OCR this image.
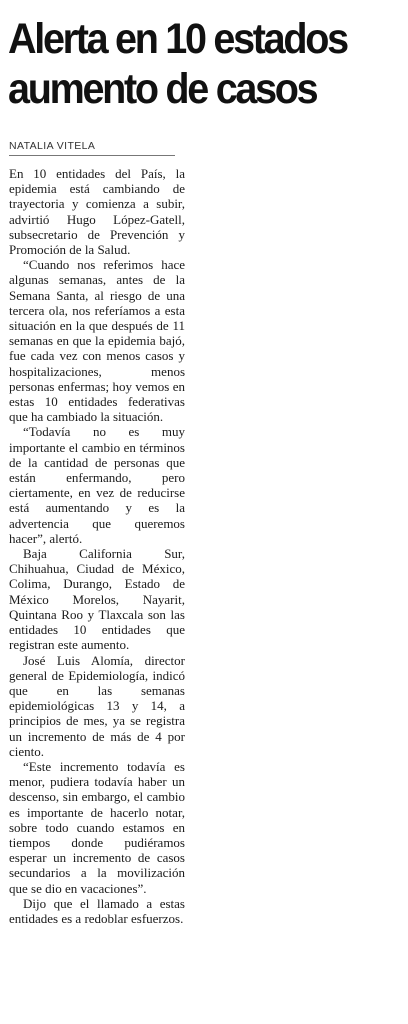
Alerta en 10 estados
aumento de casos
NATALIA VITELA

En 10 entidades del País, la epidemia está cambiando de trayectoria y comienza a subir, advirtió Hugo López-Gatell, subsecretario de Prevención y Promoción de la Salud.

“Cuando nos referimos hace algunas semanas, antes de la Semana Santa, al riesgo de una tercera ola, nos referíamos a esta situación en la que después de 11 semanas en que la epidemia bajó, fue cada vez con menos casos y hospitalizaciones, menos personas enfermas; hoy vemos en estas 10 entidades federativas que ha cambiado la situación.

“Todavía no es muy importante el cambio en términos de la cantidad de personas que están enfermando, pero ciertamente, en vez de reducirse está aumentando y es la advertencia que queremos hacer”, alertó.

Baja California Sur, Chihuahua, Ciudad de México, Colima, Durango, Estado de México Morelos, Nayarit, Quintana Roo y Tlaxcala son las entidades 10 entidades que registran este aumento.

José Luis Alomía, director general de Epidemiología, indicó que en las semanas epidemiológicas 13 y 14, a principios de mes, ya se registra un incremento de más de 4 por ciento.

“Este incremento todavía es menor, pudiera todavía haber un descenso, sin embargo, el cambio es importante de hacerlo notar, sobre todo cuando estamos en tiempos donde pudiéramos esperar un incremento de casos secundarios a la movilización que se dio en vacaciones”.

Dijo que el llamado a estas entidades es a redoblar esfuerzos.
